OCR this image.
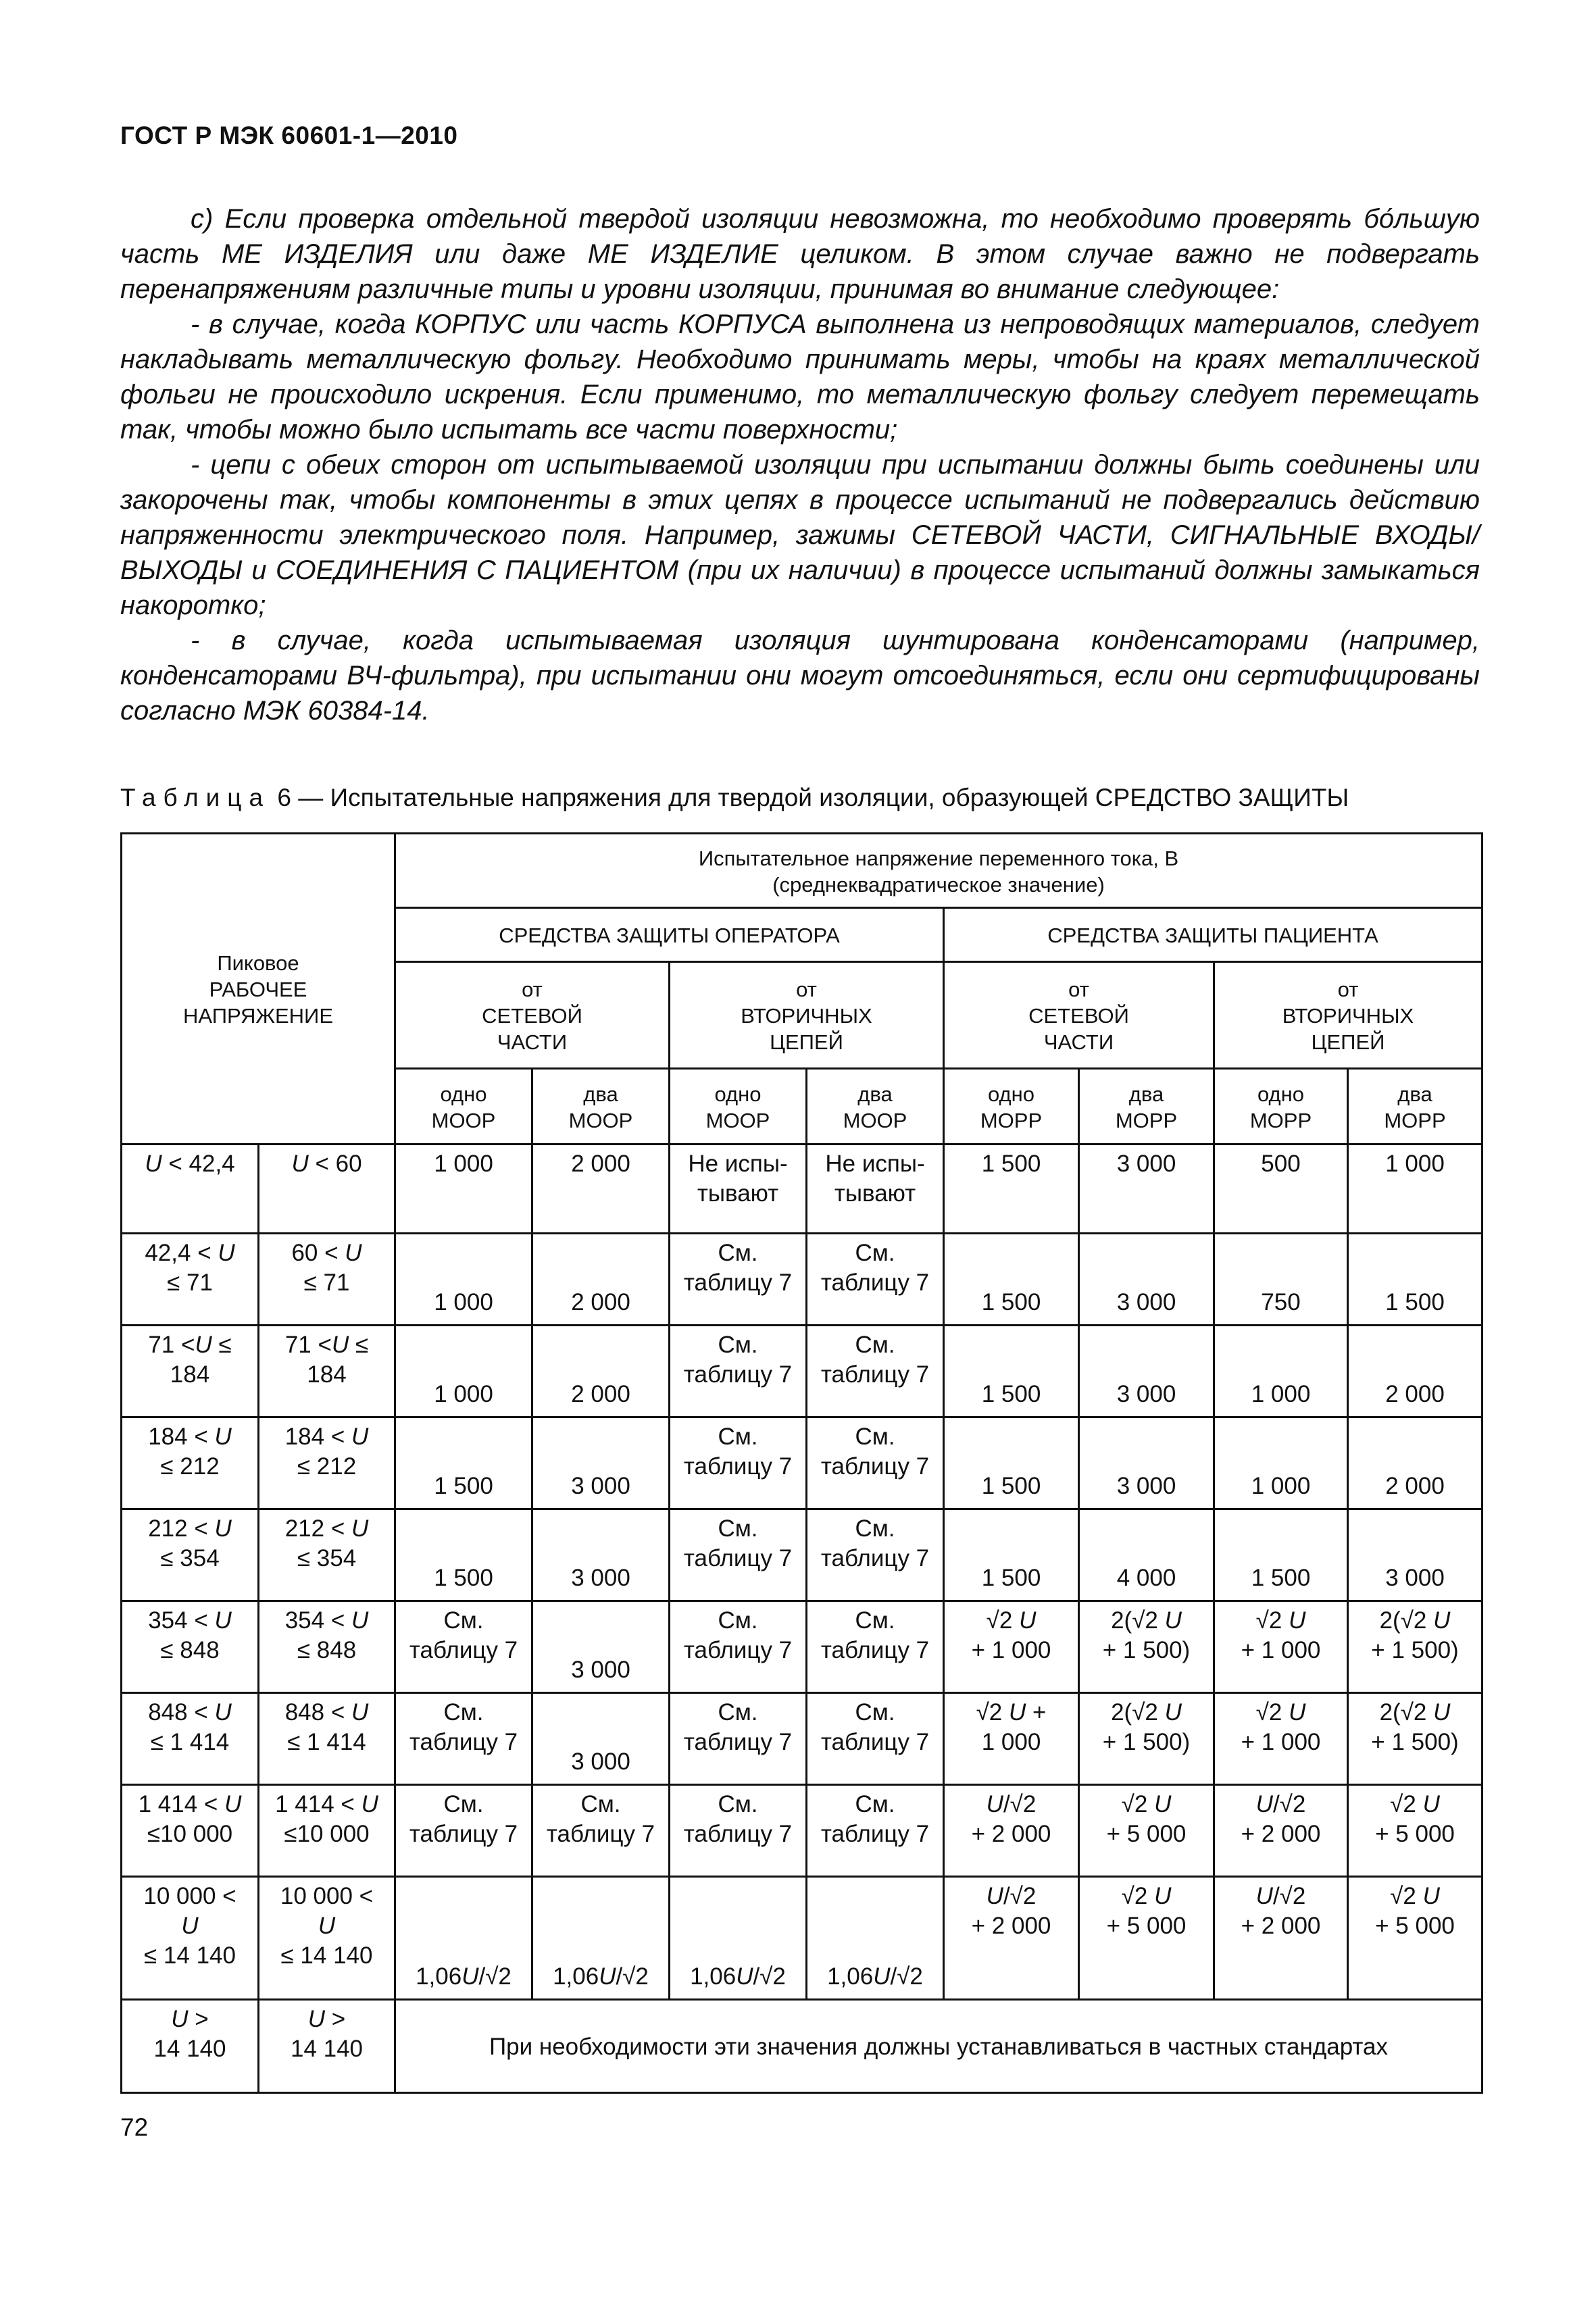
ГОСТ Р МЭК 60601-1—2010

с) Если проверка отдельной твердой изоляции невозможна, то необходимо проверять бо́льшую часть МЕ ИЗДЕЛИЯ или даже МЕ ИЗДЕЛИЕ целиком. В этом случае важно не подвергать перенапряжениям различные типы и уровни изоляции, принимая во внимание следующее:

- в случае, когда КОРПУС или часть КОРПУСА выполнена из непроводящих материалов, следует накладывать металлическую фольгу. Необходимо принимать меры, чтобы на краях металлической фольги не происходило искрения. Если применимо, то металлическую фольгу следует перемещать так, чтобы можно было испытать все части поверхности;

- цепи с обеих сторон от испытываемой изоляции при испытании должны быть соединены или закорочены так, чтобы компоненты в этих цепях в процессе испытаний не подвергались действию напряженности электрического поля. Например, зажимы СЕТЕВОЙ ЧАСТИ, СИГНАЛЬНЫЕ ВХОДЫ/ВЫХОДЫ и СОЕДИНЕНИЯ С ПАЦИЕНТОМ (при их наличии) в процессе испытаний должны замыкаться накоротко;

- в случае, когда испытываемая изоляция шунтирована конденсаторами (например, конденсаторами ВЧ-фильтра), при испытании они могут отсоединяться, если они сертифицированы согласно МЭК 60384-14.

Таблица 6 — Испытательные напряжения для твердой изоляции, образующей СРЕДСТВО ЗАЩИТЫ
Пиковое
РАБОЧЕЕ
НАПРЯЖЕНИЕ		Испытательное напряжение переменного тока, В
(среднеквадратическое значение)							

		СРЕДСТВА ЗАЩИТЫ ОПЕРАТОРА				СРЕДСТВА ЗАЩИТЫ ПАЦИЕНТА			

		от
СЕТЕВОЙ
ЧАСТИ		от
ВТОРИЧНЫХ
ЦЕПЕЙ		от
СЕТЕВОЙ
ЧАСТИ		от
ВТОРИЧНЫХ
ЦЕПЕЙ	

		одно
MOOP	два
MOOP	одно
MOOP	два
MOOP	одно
MOPP	два
MOPP	одно
MOPP	два
MOPP

U < 42,4	U < 60	1 000	2 000	Не испы-
тывают	Не испы-
тывают	1 500	3 000	500	1 000

42,4 < U
≤ 71	60 < U
≤ 71	1 000	2 000	См.
таблицу 7	См.
таблицу 7	1 500	3 000	750	1 500

71 <U ≤
184	71 <U ≤
184	1 000	2 000	См.
таблицу 7	См.
таблицу 7	1 500	3 000	1 000	2 000

184 < U
≤ 212	184 < U
≤ 212	1 500	3 000	См.
таблицу 7	См.
таблицу 7	1 500	3 000	1 000	2 000

212 < U
≤ 354	212 < U
≤ 354	1 500	3 000	См.
таблицу 7	См.
таблицу 7	1 500	4 000	1 500	3 000

354 < U
≤ 848	354 < U
≤ 848	См.
таблицу 7	3 000	См.
таблицу 7	См.
таблицу 7	√2 U
+ 1 000	2(√2 U
+ 1 500)	√2 U
+ 1 000	2(√2 U
+ 1 500)

848 < U
≤ 1 414	848 < U
≤ 1 414	См.
таблицу 7	3 000	См.
таблицу 7	См.
таблицу 7	√2 U +
1 000	2(√2 U
+ 1 500)	√2 U
+ 1 000	2(√2 U
+ 1 500)

1 414 < U
≤10 000	1 414 < U
≤10 000	См.
таблицу 7	См.
таблицу 7	См.
таблицу 7	См.
таблицу 7	U/√2
+ 2 000	√2 U
+ 5 000	U/√2
+ 2 000	√2 U
+ 5 000

10 000 <
U
≤ 14 140	10 000 <
U
≤ 14 140	1,06U/√2	1,06U/√2	1,06U/√2	1,06U/√2	U/√2
+ 2 000	√2 U
+ 5 000	U/√2
+ 2 000	√2 U
+ 5 000

U >
14 140	U >
14 140	При необходимости эти значения должны устанавливаться в частных стандартах							
72
